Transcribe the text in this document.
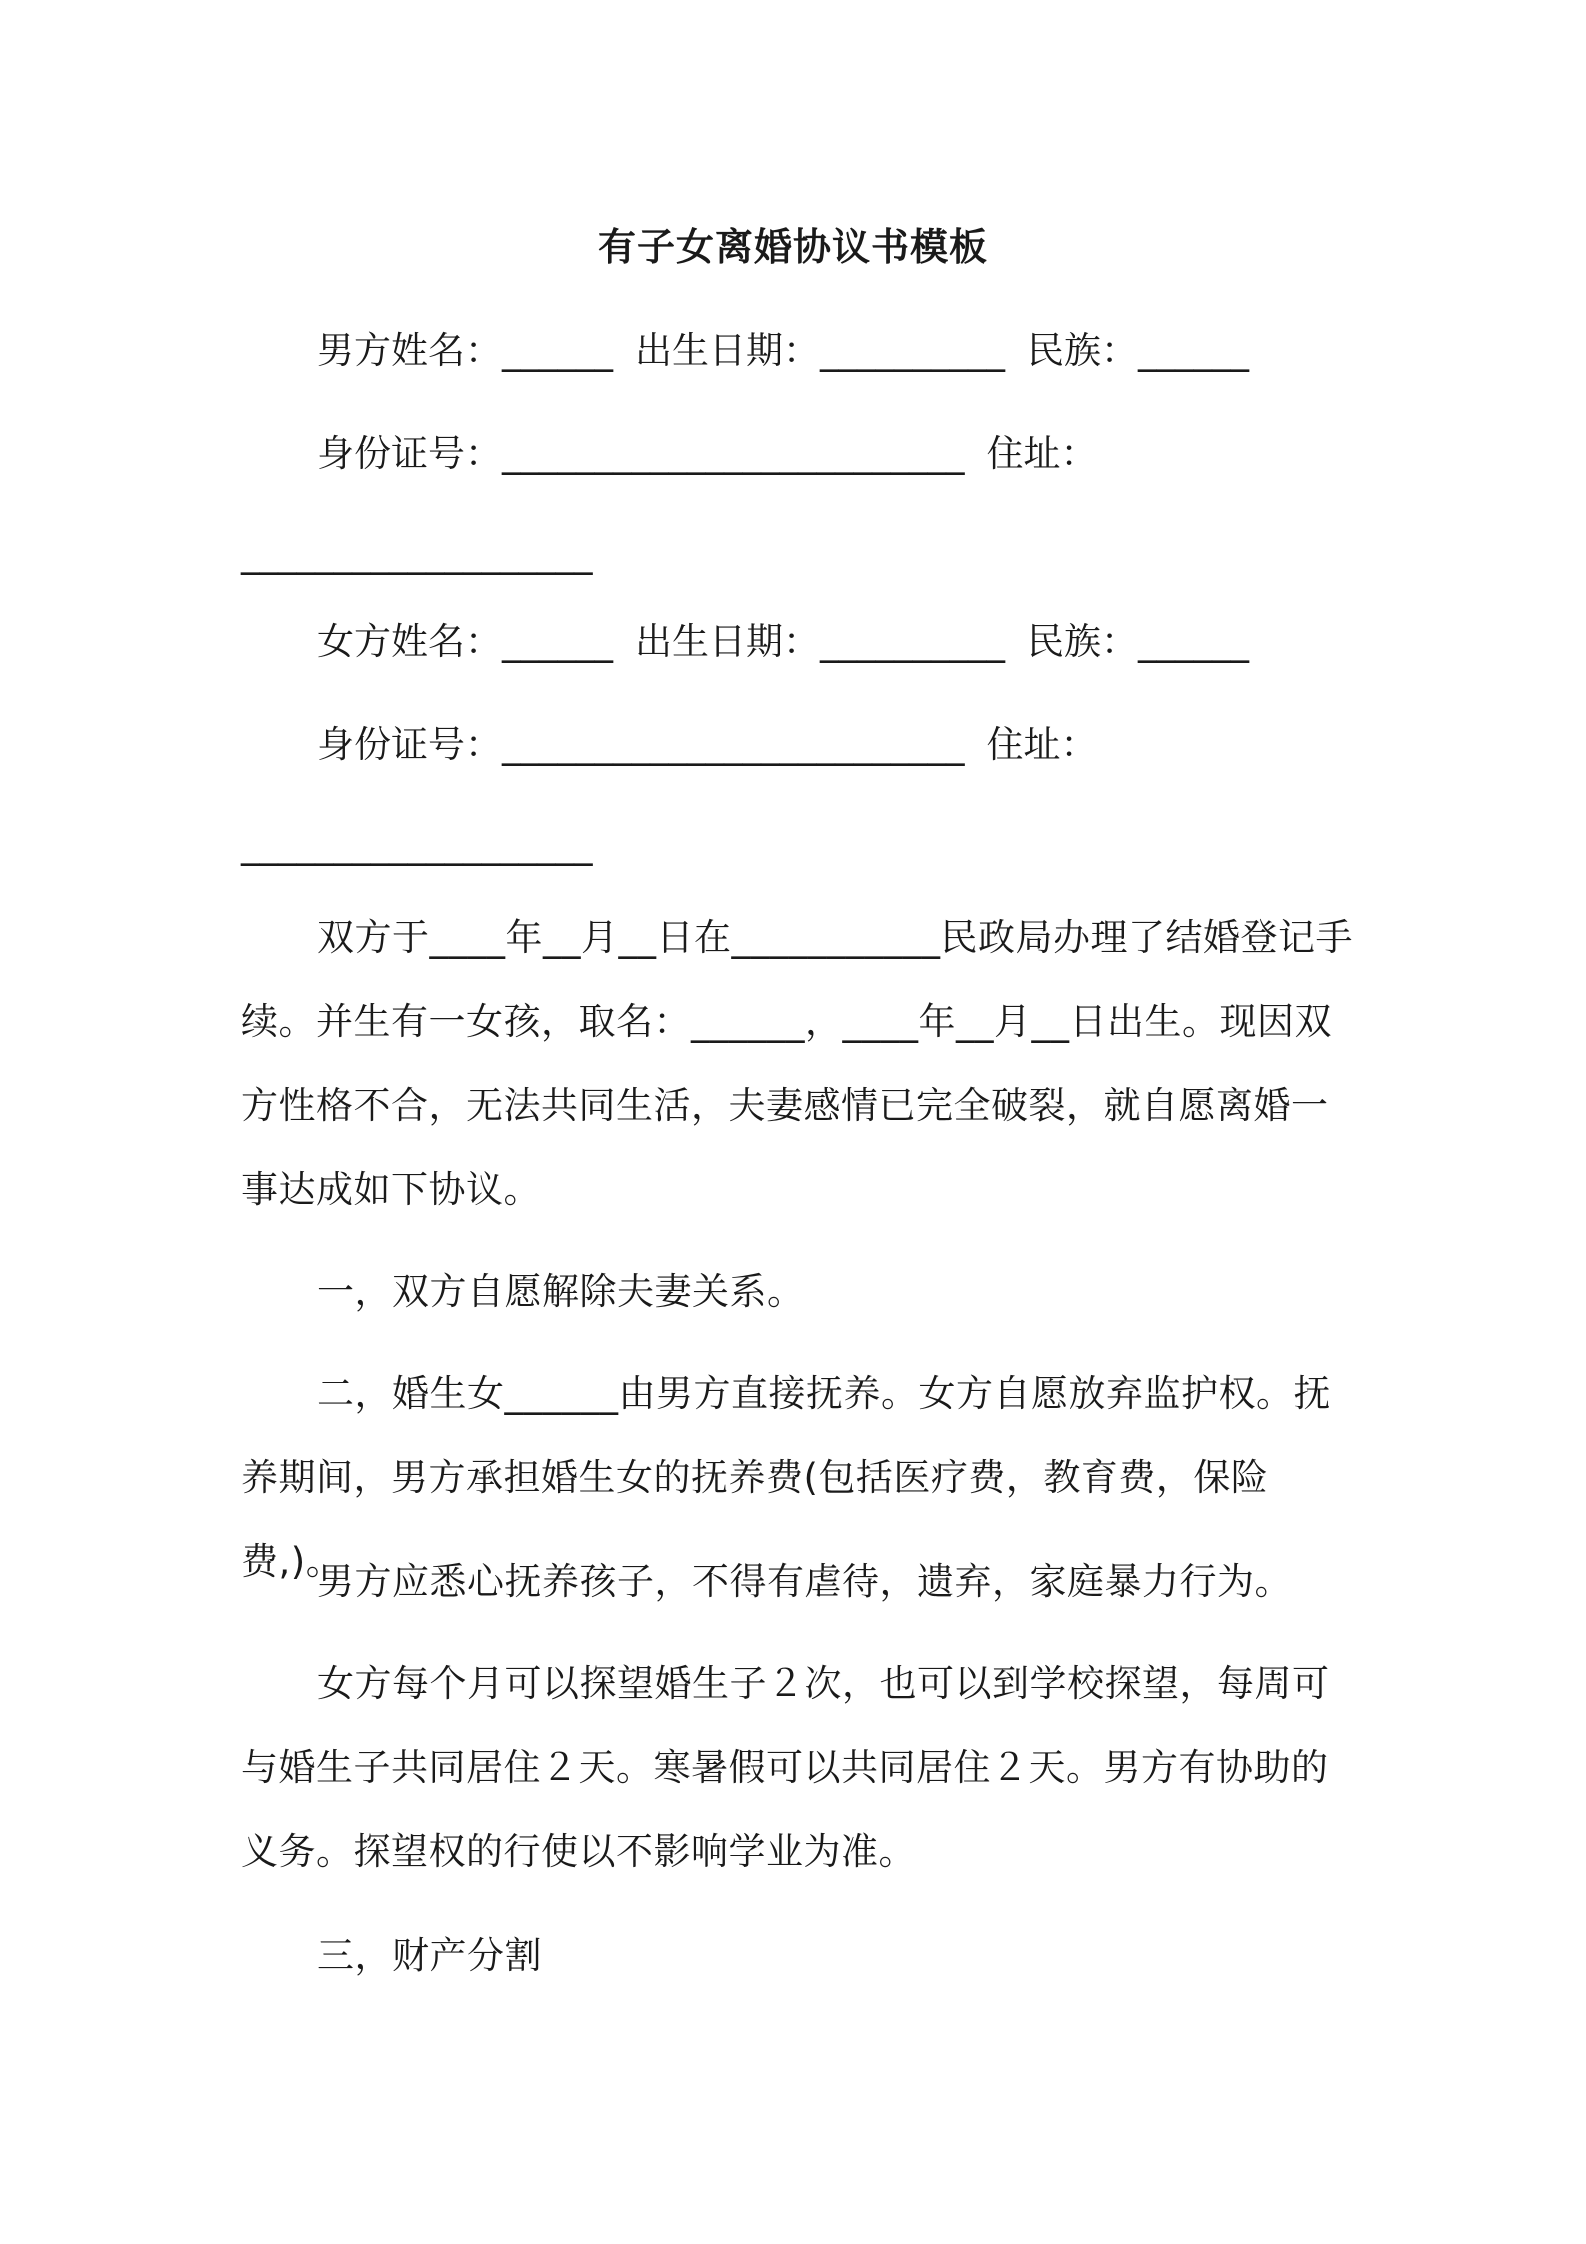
有子女离婚协议书模板
男方姓名：______ 出生日期：__________ 民族：______
身份证号：_________________________ 住址：
___________________
女方姓名：______ 出生日期：__________ 民族：______
身份证号：_________________________ 住址：
___________________
双方于____年__月__日在___________民政局办理了结婚登记手续。并生有一女孩，取名：______，____年__月__日出生。现因双方性格不合，无法共同生活，夫妻感情已完全破裂，就自愿离婚一事达成如下协议。
一，双方自愿解除夫妻关系。
二，婚生女______由男方直接抚养。女方自愿放弃监护权。抚养期间，男方承担婚生女的抚养费(包括医疗费，教育费，保险费,)。
男方应悉心抚养孩子，不得有虐待，遗弃，家庭暴力行为。
女方每个月可以探望婚生子２次，也可以到学校探望，每周可与婚生子共同居住２天。寒暑假可以共同居住２天。男方有协助的义务。探望权的行使以不影响学业为准。
三，财产分割
